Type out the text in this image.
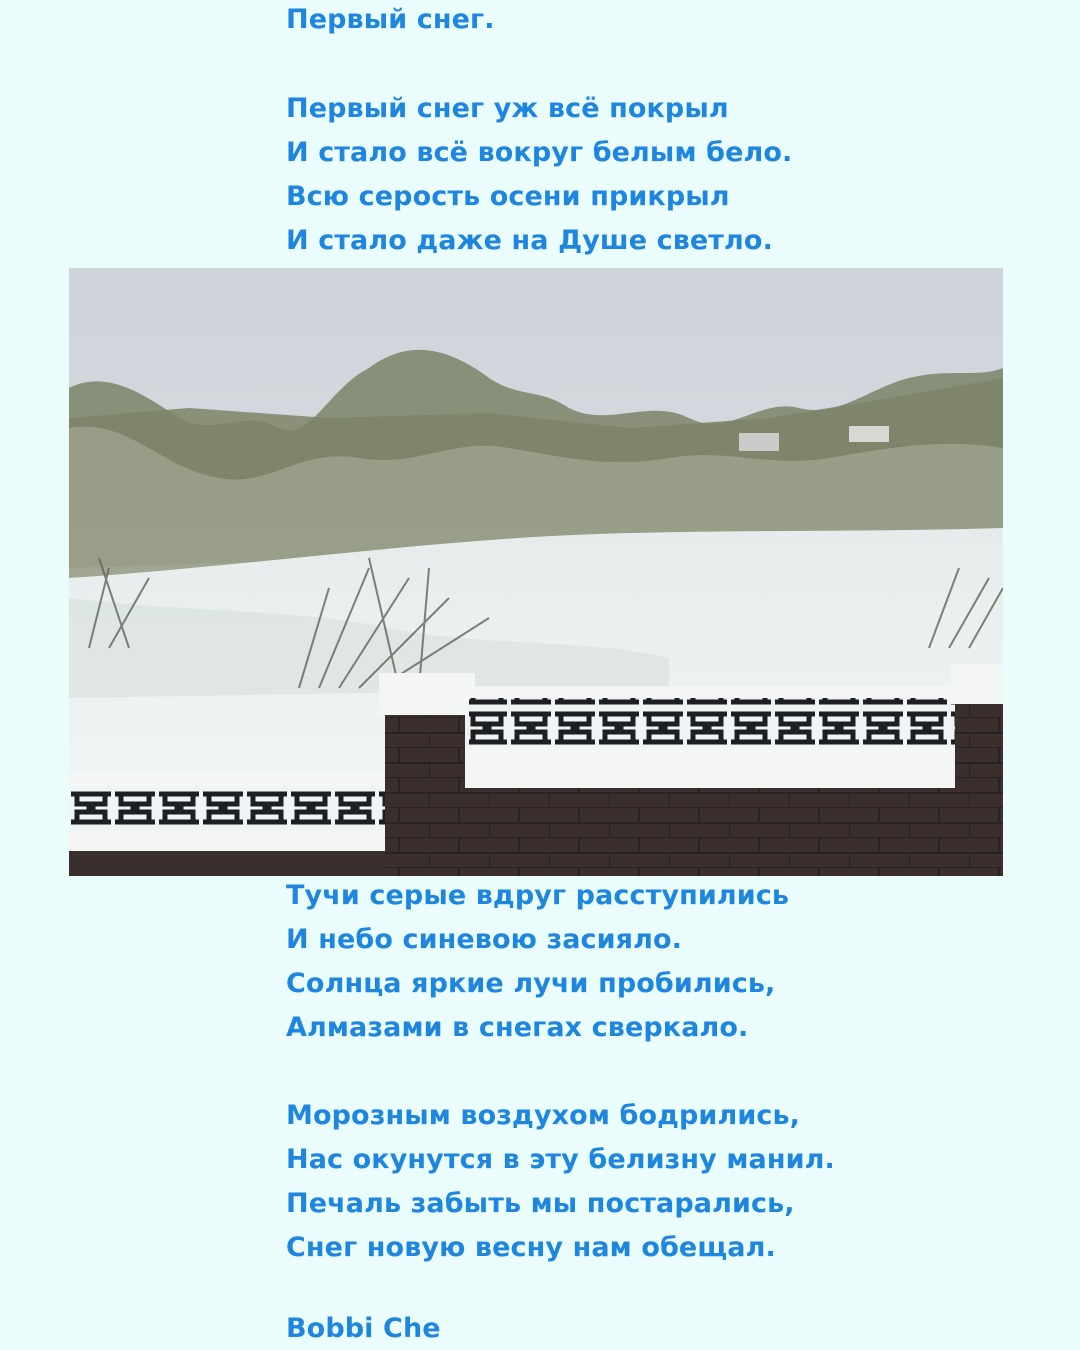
Первый снег.
Первый снег уж всё покрыл
И стало всё вокруг белым бело.
Всю серость осени прикрыл
И стало даже на Душе светло.
Тучи серые вдруг расступились
И небо синевою засияло.
Солнца яркие лучи пробились,
Алмазами в снегах сверкало.
Морозным воздухом бодрились,
Нас окунутся в эту белизну манил.
Печаль забыть мы постарались,
Снег новую весну нам обещал.
Bobbi Che
